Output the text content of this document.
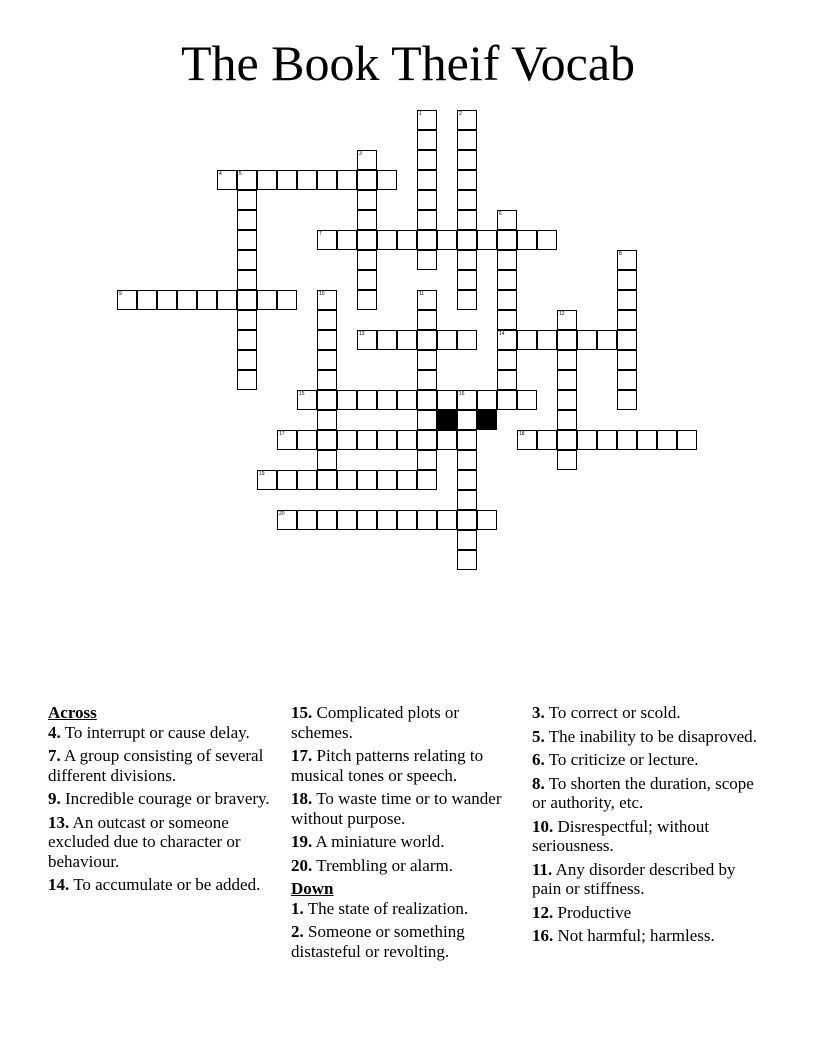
The Book Theif Vocab
1	2
3
4	5
6
14
7
8
9	10	11
12
13
15	16
17	18
19
20
Across
4. To interrupt or cause delay.
7. A group consisting of several different divisions.
9. Incredible courage or bravery.
13. An outcast or someone excluded due to character or behaviour.
14. To accumulate or be added.
15. Complicated plots or schemes.
17. Pitch patterns relating to musical tones or speech.
18. To waste time or to wander without purpose.
19. A miniature world.
20. Trembling or alarm.
Down
1. The state of realization.
2. Someone or something distasteful or revolting.
3. To correct or scold.
5. The inability to be disaproved.
6. To criticize or lecture.
8. To shorten the duration, scope or authority, etc.
10. Disrespectful; without seriousness.
11. Any disorder described by pain or stiffness.
12. Productive
16. Not harmful; harmless.
